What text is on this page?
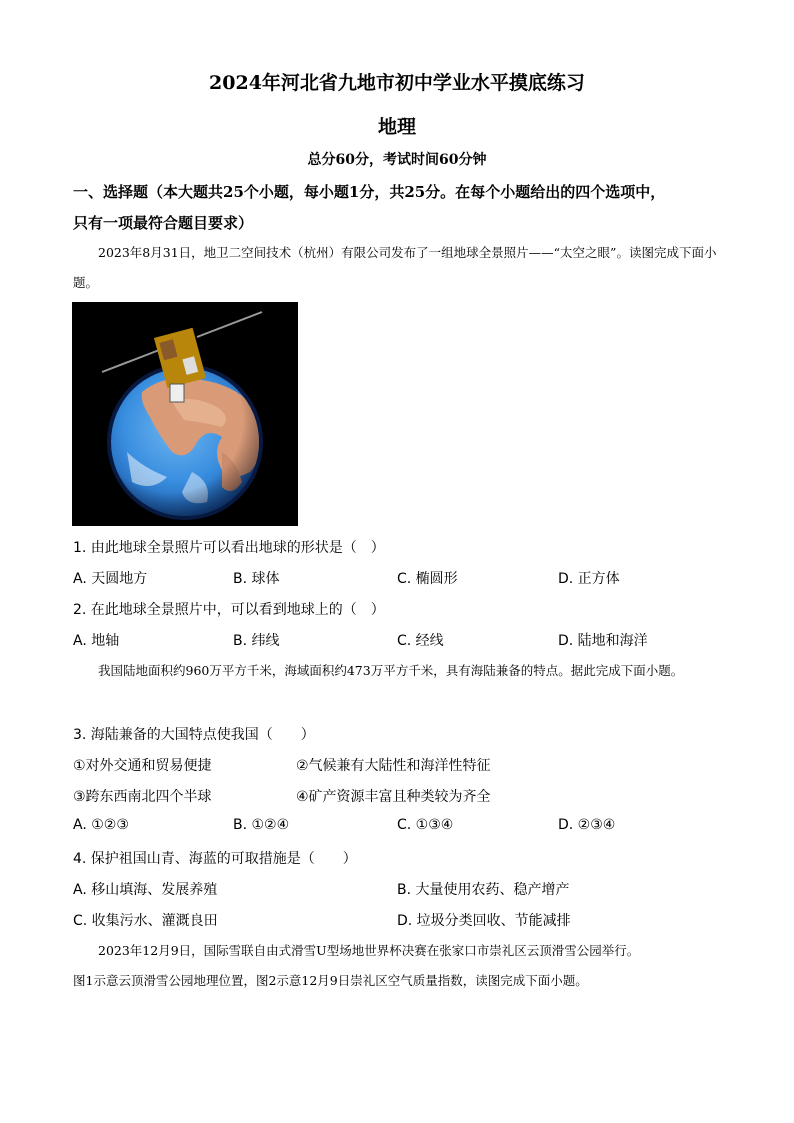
2024年河北省九地市初中学业水平摸底练习
地理
总分60分，考试时间60分钟
一、选择题（本大题共25个小题，每小题1分，共25分。在每个小题给出的四个选项中，
只有一项最符合题目要求）
2023年8月31日，地卫二空间技术（杭州）有限公司发布了一组地球全景照片——“太空之眼”。读图完成下面小题。
1. 由此地球全景照片可以看出地球的形状是（　）
A. 天圆地方	B. 球体	C. 椭圆形	D. 正方体
2. 在此地球全景照片中，可以看到地球上的（　）
A. 地轴	B. 纬线	C. 经线	D. 陆地和海洋
我国陆地面积约960万平方千米，海域面积约473万平方千米，具有海陆兼备的特点。据此完成下面小题。
3. 海陆兼备的大国特点使我国（　　）
①对外交通和贸易便捷	②气候兼有大陆性和海洋性特征
③跨东西南北四个半球	④矿产资源丰富且种类较为齐全
A. ①②③	B. ①②④	C. ①③④	D. ②③④
4. 保护祖国山青、海蓝的可取措施是（　　）
A. 移山填海、发展养殖	B. 大量使用农药、稳产增产
C. 收集污水、灌溉良田	D. 垃圾分类回收、节能减排
2023年12月9日，国际雪联自由式滑雪U型场地世界杯决赛在张家口市崇礼区云顶滑雪公园举行。
图1示意云顶滑雪公园地理位置，图2示意12月9日崇礼区空气质量指数，读图完成下面小题。
